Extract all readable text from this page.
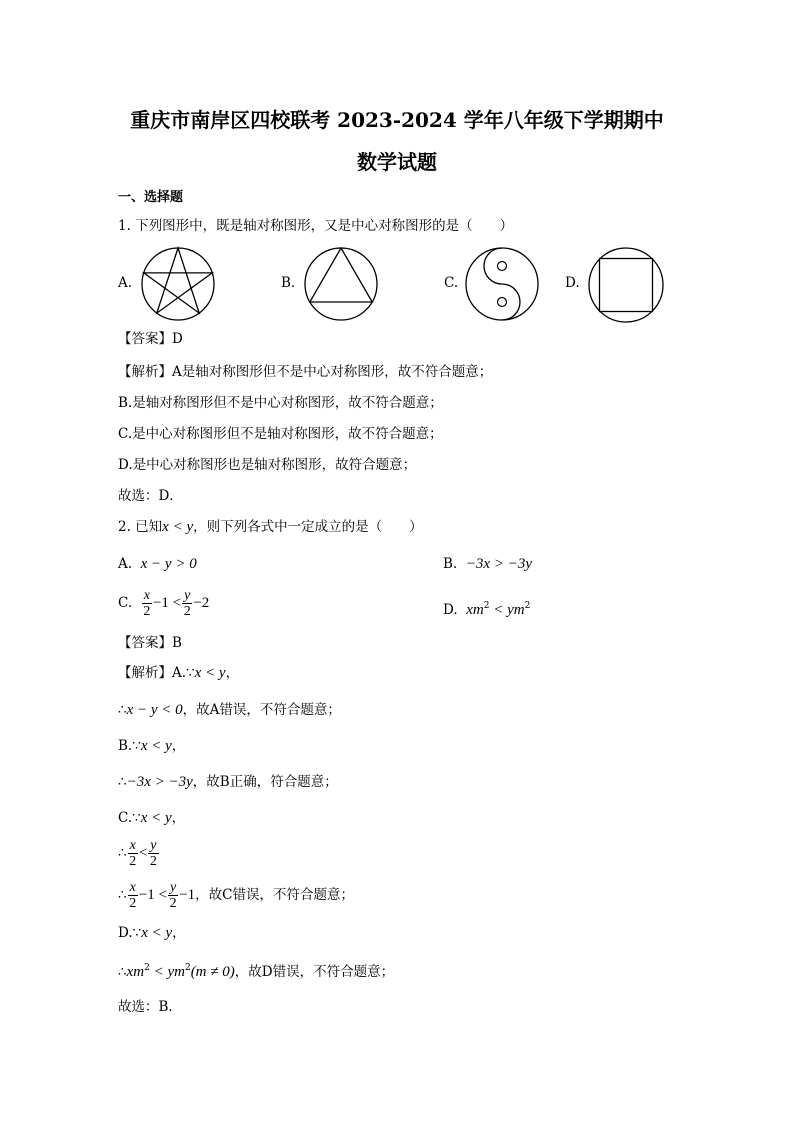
重庆市南岸区四校联考 2023-2024 学年八年级下学期期中
数学试题
一、选择题
1. 下列图形中，既是轴对称图形，又是中心对称图形的是（　　）
A.	B.	C.	D.
【答案】D
【解析】A是轴对称图形但不是中心对称图形，故不符合题意；
B.是轴对称图形但不是中心对称图形，故不符合题意；
C.是中心对称图形但不是轴对称图形，故不符合题意；
D.是中心对称图形也是轴对称图形，故符合题意；
故选：D．
2. 已知x < y，则下列各式中一定成立的是（　　）
A. x − y > 0	B. −3x > −3y
C. $\frac{x}{2} -1 < \frac{y}{2} -2$	D. $xm^2 < ym^2$
【答案】B
【解析】A.∵x < y，
∴x − y < 0，故A错误，不符合题意；
B.∵x < y，
∴−3x > −3y，故B正确，符合题意；
C.∵x < y，
∴ $\frac{x}{2} < \frac{y}{2}$
∴ $\frac{x}{2} -1 < \frac{y}{2} -1$，故C错误，不符合题意；
D.∵x < y，
$\therefore xm^2 < ym^2(m \ne 0)$，故D错误，不符合题意；
故选：B．
